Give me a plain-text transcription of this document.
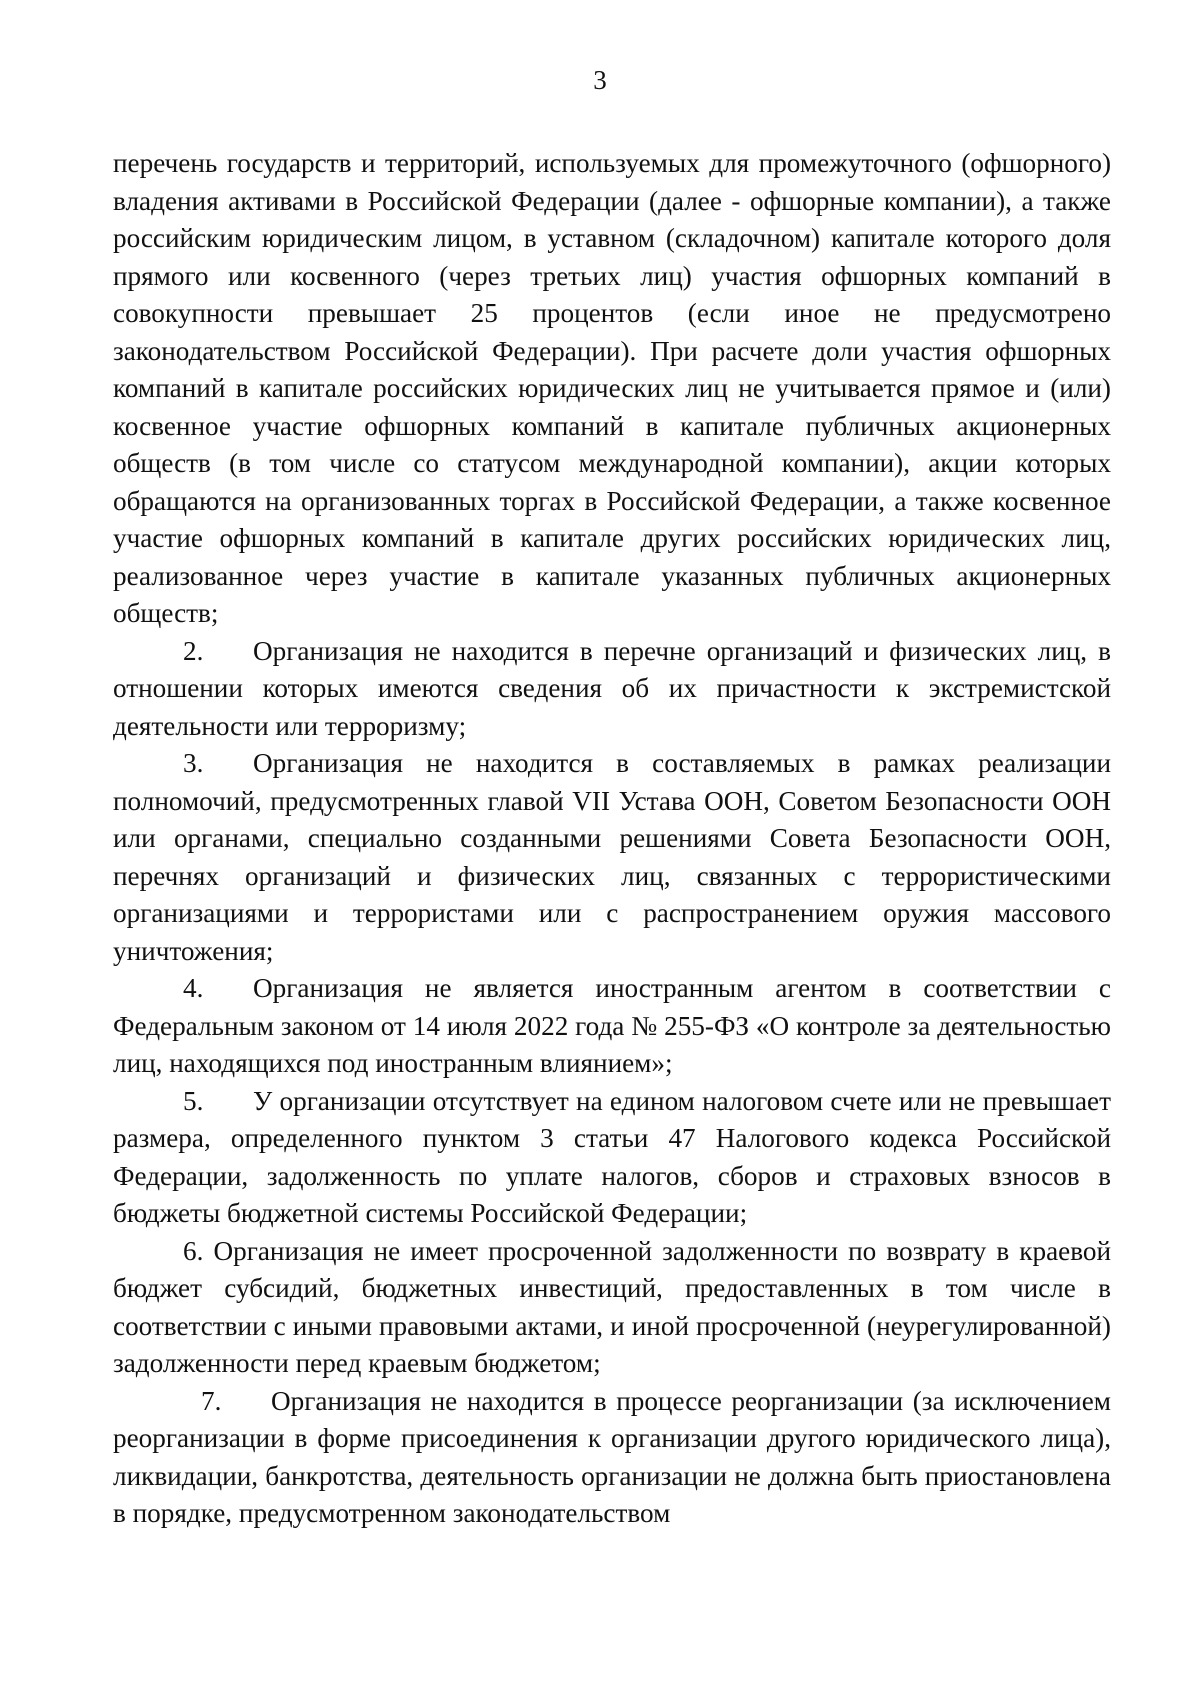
3

перечень государств и территорий, используемых для промежуточного (офшорного) владения активами в Российской Федерации (далее - офшорные компании), а также российским юридическим лицом, в уставном (складочном) капитале которого доля прямого или косвенного (через третьих лиц) участия офшорных компаний в совокупности превышает 25 процентов (если иное не предусмотрено законодательством Российской Федерации). При расчете доли участия офшорных компаний в капитале российских юридических лиц не учитывается прямое и (или) косвенное участие офшорных компаний в капитале публичных акционерных обществ (в том числе со статусом международной компании), акции которых обращаются на организованных торгах в Российской Федерации, а также косвенное участие офшорных компаний в капитале других российских юридических лиц, реализованное через участие в капитале указанных публичных акционерных обществ;

2. Организация не находится в перечне организаций и физических лиц, в отношении которых имеются сведения об их причастности к экстремистской деятельности или терроризму;

3. Организация не находится в составляемых в рамках реализации полномочий, предусмотренных главой VII Устава ООН, Советом Безопасности ООН или органами, специально созданными решениями Совета Безопасности ООН, перечнях организаций и физических лиц, связанных с террористическими организациями и террористами или с распространением оружия массового уничтожения;

4. Организация не является иностранным агентом в соответствии с Федеральным законом от 14 июля 2022 года № 255-ФЗ «О контроле за деятельностью лиц, находящихся под иностранным влиянием»;

5. У организации отсутствует на едином налоговом счете или не превышает размера, определенного пунктом 3 статьи 47 Налогового кодекса Российской Федерации, задолженность по уплате налогов, сборов и страховых взносов в бюджеты бюджетной системы Российской Федерации;

6. Организация не имеет просроченной задолженности по возврату в краевой бюджет субсидий, бюджетных инвестиций, предоставленных в том числе в соответствии с иными правовыми актами, и иной просроченной (неурегулированной) задолженности перед краевым бюджетом;

7. Организация не находится в процессе реорганизации (за исключением реорганизации в форме присоединения к организации другого юридического лица), ликвидации, банкротства, деятельность организации не должна быть приостановлена в порядке, предусмотренном законодательством
